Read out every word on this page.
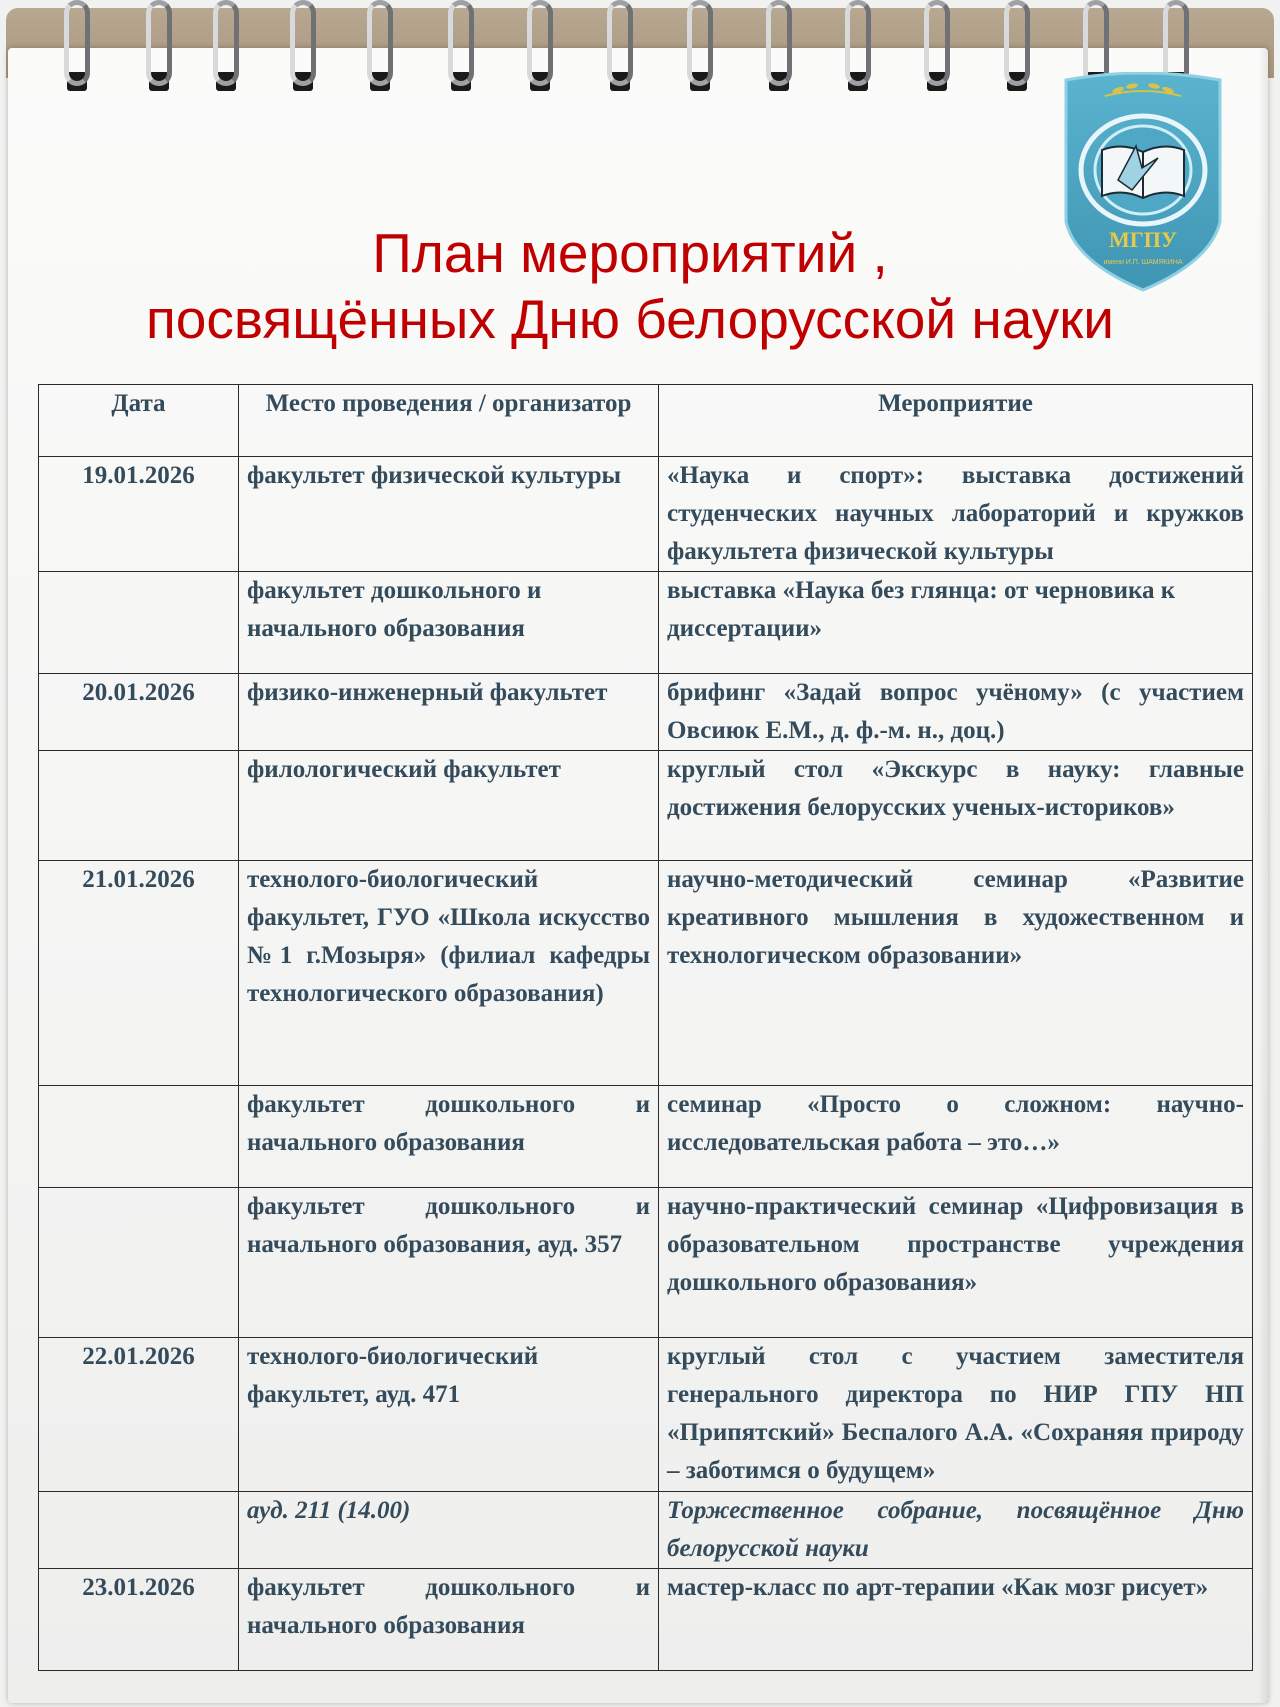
МГПУ
имени И.П. ШАМЯКИНА
План мероприятий ,
посвящённых Дню белорусской науки
Дата	Место проведения / организатор	Мероприятие
19.01.2026	факультет физической культуры	«Наука и спорт»: выставка достижений студенческих научных лабораторий и кружков факультета физической культуры
	факультет дошкольного и начального образования	выставка «Наука без глянца: от черновика к диссертации»
20.01.2026	физико-инженерный факультет	брифинг «Задай вопрос учёному» (с участием Овсиюк Е.М., д. ф.-м. н., доц.)
	филологический факультет	круглый стол «Экскурс в науку: главные достижения белорусских ученых-историков»
21.01.2026	технолого-биологический факультет, ГУО «Школа искусство №1 г.Мозыря» (филиал кафедры технологического образования)	научно-методический семинар «Развитие креативного мышления в художественном и технологическом образовании»
	факультет дошкольного и начального образования	семинар «Просто о сложном: научно-исследовательская работа – это…»
	факультет дошкольного и начального образования, ауд. 357	научно-практический семинар «Цифровизация в образовательном пространстве учреждения дошкольного образования»
22.01.2026	технолого-биологический факультет, ауд. 471	круглый стол с участием заместителя генерального директора по НИР ГПУ НП «Припятский» Беспалого А.А. «Сохраняя природу – заботимся о будущем»
	ауд. 211 (14.00)	Торжественное собрание, посвящённое Дню белорусской науки
23.01.2026	факультет дошкольного и начального образования	мастер-класс по арт-терапии «Как мозг рисует»
